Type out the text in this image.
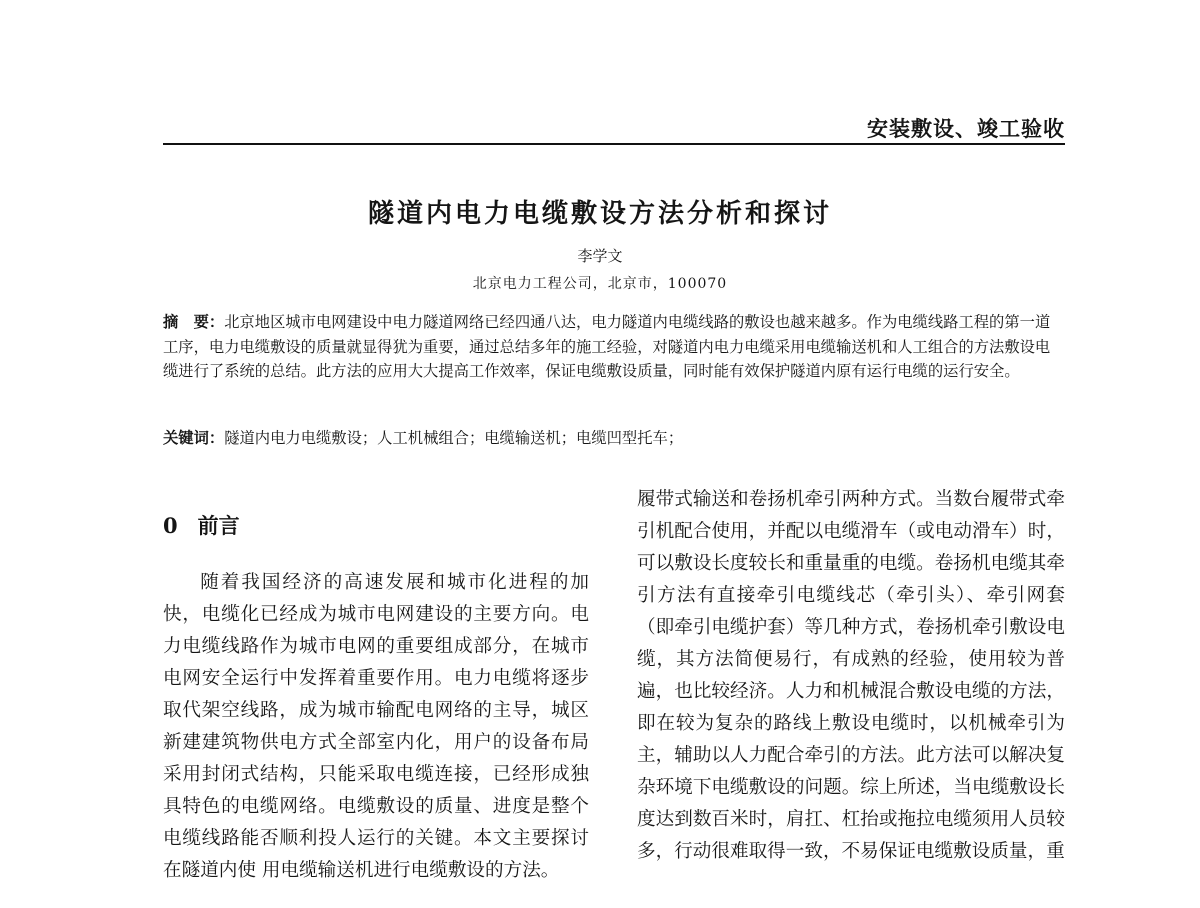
安装敷设、竣工验收
隧道内电力电缆敷设方法分析和探讨
李学文
北京电力工程公司，北京市，100070
摘　要：北京地区城市电网建设中电力隧道网络已经四通八达，电力隧道内电缆线路的敷设也越来越多。作为电缆线路工程的第一道工序，电力电缆敷设的质量就显得犹为重要，通过总结多年的施工经验，对隧道内电力电缆采用电缆输送机和人工组合的方法敷设电缆进行了系统的总结。此方法的应用大大提高工作效率，保证电缆敷设质量，同时能有效保护隧道内原有运行电缆的运行安全。
关键词：隧道内电力电缆敷设；人工机械组合；电缆输送机；电缆凹型托车；
0 前言

随着我国经济的高速发展和城市化进程的加快，电缆化已经成为城市电网建设的主要方向。电力电缆线路作为城市电网的重要组成部分，在城市电网安全运行中发挥着重要作用。电力电缆将逐步取代架空线路，成为城市输配电网络的主导，城区新建建筑物供电方式全部室内化，用户的设备布局采用封闭式结构，只能采取电缆连接，已经形成独具特色的电缆网络。电缆敷设的质量、进度是整个电缆线路能否顺利投人运行的关键。本文主要探讨在隧道内使 用电缆输送机进行电缆敷设的方法。

履带式输送和卷扬机牵引两种方式。当数台履带式牵引机配合使用，并配以电缆滑车（或电动滑车）时，可以敷设长度较长和重量重的电缆。卷扬机电缆其牵引方法有直接牵引电缆线芯（牵引头）、牵引网套（即牵引电缆护套）等几种方式，卷扬机牵引敷设电缆，其方法简便易行，有成熟的经验，使用较为普遍，也比较经济。人力和机械混合敷设电缆的方法，即在较为复杂的路线上敷设电缆时，以机械牵引为主，辅助以人力配合牵引的方法。此方法可以解决复杂环境下电缆敷设的问题。综上所述，当电缆敷设长度达到数百米时，肩扛、杠抬或拖拉电缆须用人员较多，行动很难取得一致，不易保证电缆敷设质量，重
